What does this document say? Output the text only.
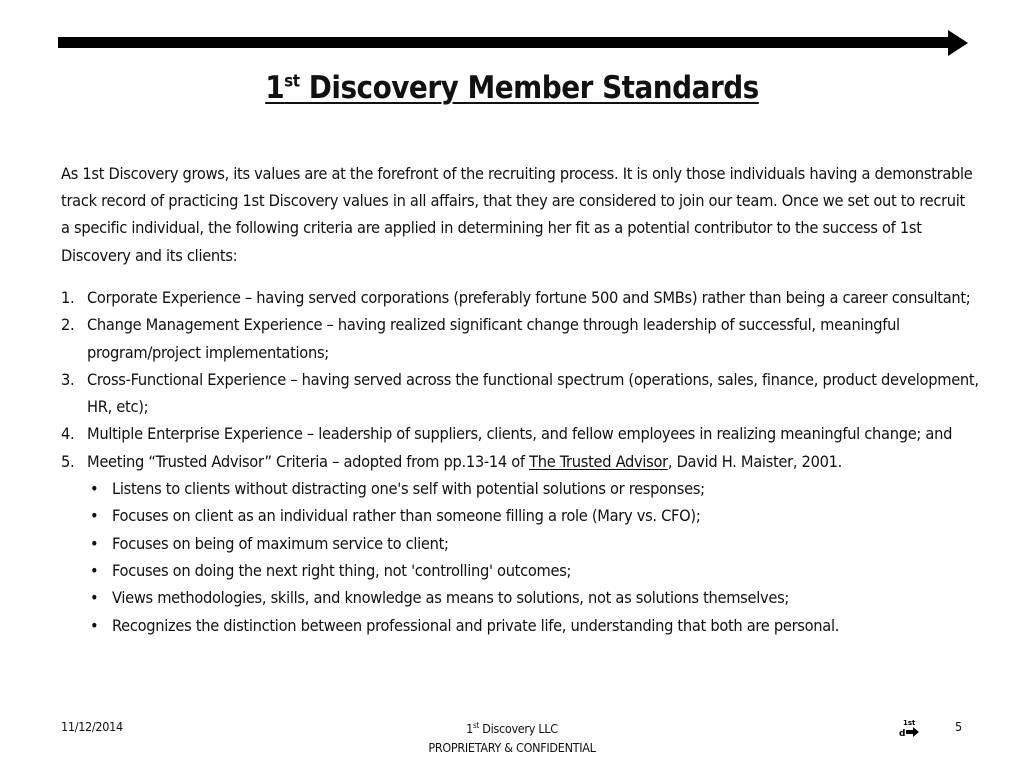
1st Discovery Member Standards

As 1st Discovery grows, its values are at the forefront of the recruiting process. It is only those individuals having a demonstrable track record of practicing 1st Discovery values in all affairs, that they are considered to join our team. Once we set out to recruit a specific individual, the following criteria are applied in determining her fit as a potential contributor to the success of 1st Discovery and its clients:

1. Corporate Experience – having served corporations (preferably fortune 500 and SMBs) rather than being a career consultant;
2. Change Management Experience – having realized significant change through leadership of successful, meaningful program/project implementations;
3. Cross-Functional Experience – having served across the functional spectrum (operations, sales, finance, product development, HR, etc);
4. Multiple Enterprise Experience – leadership of suppliers, clients, and fellow employees in realizing meaningful change; and
5. Meeting “Trusted Advisor” Criteria – adopted from pp.13-14 of The Trusted Advisor, David H. Maister, 2001.
• Listens to clients without distracting one's self with potential solutions or responses;
• Focuses on client as an individual rather than someone filling a role (Mary vs. CFO);
• Focuses on being of maximum service to client;
• Focuses on doing the next right thing, not 'controlling' outcomes;
• Views methodologies, skills, and knowledge as means to solutions, not as solutions themselves;
• Recognizes the distinction between professional and private life, understanding that both are personal.
11/12/2014	1st Discovery LLC
PROPRIETARY & CONFIDENTIAL
1st
d	5
